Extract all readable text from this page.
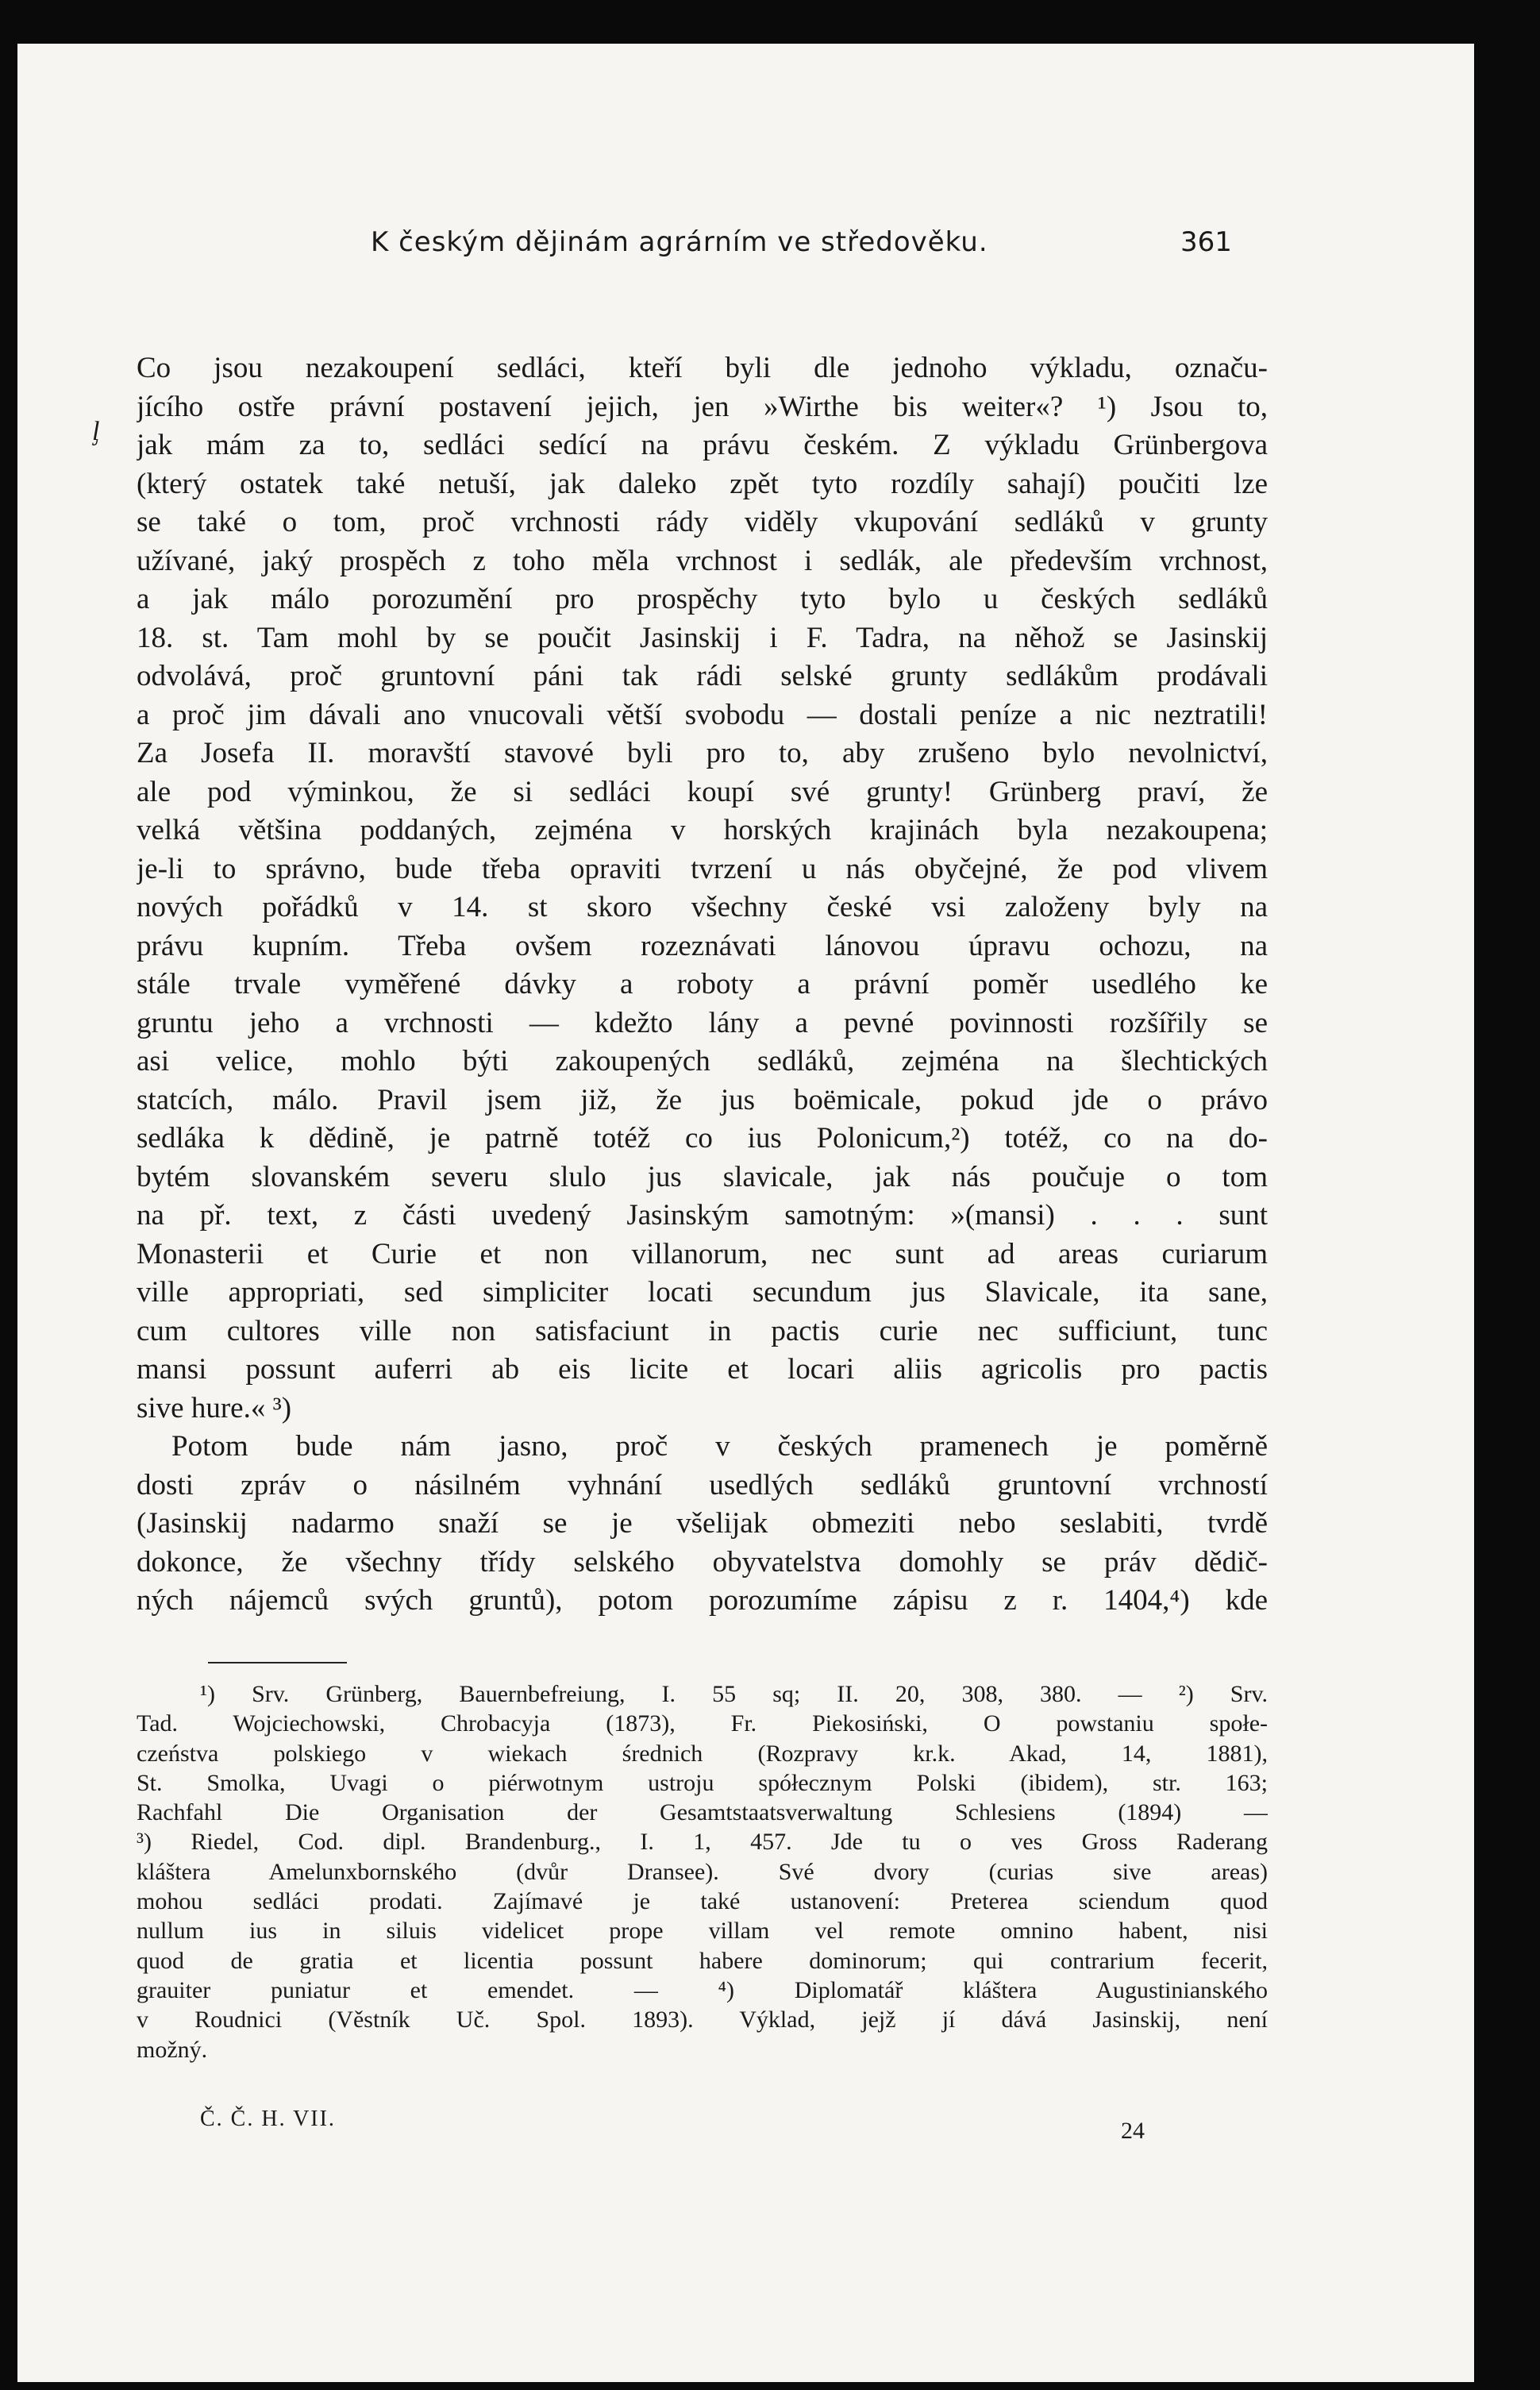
K českým dějinám agrárním ve středověku.	361
ᶅ
Co jsou nezakoupení sedláci, kteří byli dle jednoho výkladu, označu-
jícího ostře právní postavení jejich, jen »Wirthe bis weiter«? ¹) Jsou to,
jak mám za to, sedláci sedící na právu českém. Z výkladu Grünbergova
(který ostatek také netuší, jak daleko zpět tyto rozdíly sahají) poučiti lze
se také o tom, proč vrchnosti rády viděly vkupování sedláků v grunty
užívané, jaký prospěch z toho měla vrchnost i sedlák, ale především vrchnost,
a jak málo porozumění pro prospěchy tyto bylo u českých sedláků
18. st. Tam mohl by se poučit Jasinskij i F. Tadra, na něhož se Jasinskij
odvolává, proč gruntovní páni tak rádi selské grunty sedlákům prodávali
a proč jim dávali ano vnucovali větší svobodu — dostali peníze a nic neztratili!
Za Josefa II. moravští stavové byli pro to, aby zrušeno bylo nevolnictví,
ale pod výminkou, že si sedláci koupí své grunty! Grünberg praví, že
velká většina poddaných, zejména v horských krajinách byla nezakoupena;
je-li to správno, bude třeba opraviti tvrzení u nás obyčejné, že pod vlivem
nových pořádků v 14. st skoro všechny české vsi založeny byly na
právu kupním. Třeba ovšem rozeznávati lánovou úpravu ochozu, na
stále trvale vyměřené dávky a roboty a právní poměr usedlého ke
gruntu jeho a vrchnosti — kdežto lány a pevné povinnosti rozšířily se
asi velice, mohlo býti zakoupených sedláků, zejména na šlechtických
statcích, málo. Pravil jsem již, že jus boëmicale, pokud jde o právo
sedláka k dědině, je patrně totéž co ius Polonicum,²) totéž, co na do-
bytém slovanském severu slulo jus slavicale, jak nás poučuje o tom
na př. text, z části uvedený Jasinským samotným: »(mansi) . . . sunt
Monasterii et Curie et non villanorum, nec sunt ad areas curiarum
ville appropriati, sed simpliciter locati secundum jus Slavicale, ita sane,
cum cultores ville non satisfaciunt in pactis curie nec sufficiunt, tunc
mansi possunt auferri ab eis licite et locari aliis agricolis pro pactis
sive hure.« ³)
Potom bude nám jasno, proč v českých pramenech je poměrně
dosti zpráv o násilném vyhnání usedlých sedláků gruntovní vrchností
(Jasinskij nadarmo snaží se je všelijak obmeziti nebo seslabiti, tvrdě
dokonce, že všechny třídy selského obyvatelstva domohly se práv dědič-
ných nájemců svých gruntů), potom porozumíme zápisu z r. 1404,⁴) kde
¹) Srv. Grünberg, Bauernbefreiung, I. 55 sq; II. 20, 308, 380. — ²) Srv.
Tad. Wojciechowski, Chrobacyja (1873), Fr. Piekosiński, O powstaniu społe-
czeństva polskiego v wiekach średnich (Rozpravy kr.k. Akad, 14, 1881),
St. Smolka, Uvagi o piérwotnym ustroju spółecznym Polski (ibidem), str. 163;
Rachfahl Die Organisation der Gesamtstaatsverwaltung Schlesiens (1894) —
³) Riedel, Cod. dipl. Brandenburg., I. 1, 457. Jde tu o ves Gross Raderang
kláštera Amelunxbornského (dvůr Dransee). Své dvory (curias sive areas)
mohou sedláci prodati. Zajímavé je také ustanovení: Preterea sciendum quod
nullum ius in siluis videlicet prope villam vel remote omnino habent, nisi
quod de gratia et licentia possunt habere dominorum; qui contrarium fecerit,
grauiter puniatur et emendet. — ⁴) Diplomatář kláštera Augustinianského
v Roudnici (Věstník Uč. Spol. 1893). Výklad, jejž jí dává Jasinskij, není
možný.
Č. Č. H. VII.	24
